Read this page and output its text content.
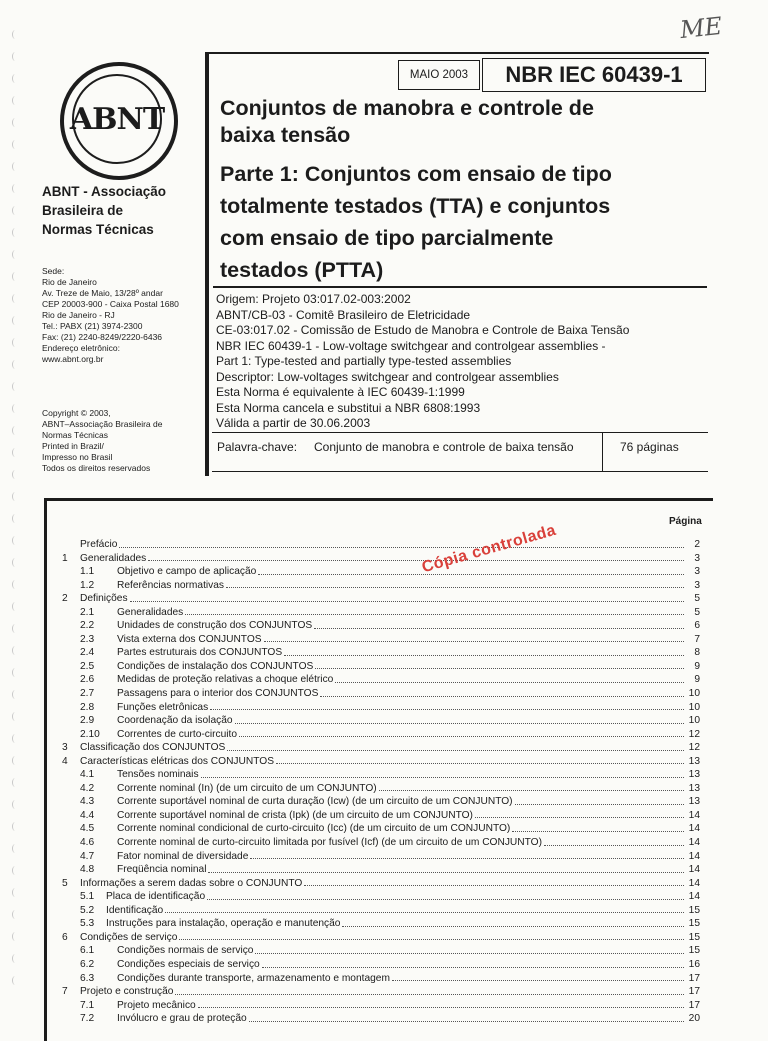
ME
ABNT
ABNT - Associação
Brasileira de
Normas Técnicas
Sede:
Rio de Janeiro
Av. Treze de Maio, 13/28º andar
CEP 20003-900 - Caixa Postal 1680
Rio de Janeiro - RJ
Tel.: PABX (21) 3974-2300
Fax: (21) 2240-8249/2220-6436
Endereço eletrônico:
www.abnt.org.br
Copyright © 2003,
ABNT–Associação Brasileira de
Normas Técnicas
Printed in Brazil/
Impresso no Brasil
Todos os direitos reservados
MAIO 2003	NBR IEC 60439-1
Conjuntos de manobra e controle de
baixa tensão
Parte 1: Conjuntos com ensaio de tipo
totalmente testados (TTA) e conjuntos
com ensaio de tipo parcialmente
testados (PTTA)
Origem: Projeto 03:017.02-003:2002
ABNT/CB-03 - Comitê Brasileiro de Eletricidade
CE-03:017.02 - Comissão de Estudo de Manobra e Controle de Baixa Tensão
NBR IEC 60439-1 - Low-voltage switchgear and controlgear assemblies -
Part 1: Type-tested and partially type-tested assemblies
Descriptor: Low-voltages switchgear and controlgear assemblies
Esta Norma é equivalente à IEC 60439-1:1999
Esta Norma cancela e substitui a NBR 6808:1993
Válida a partir de 30.06.2003
Palavra-chave: Conjunto de manobra e controle de baixa tensão	76 páginas
Página
Prefácio	2
1	Generalidades	3
1.1	Objetivo e campo de aplicação	3
1.2	Referências normativas	3
2	Definições	5
2.1	Generalidades	5
2.2	Unidades de construção dos CONJUNTOS	6
2.3	Vista externa dos CONJUNTOS	7
2.4	Partes estruturais dos CONJUNTOS	8
2.5	Condições de instalação dos CONJUNTOS	9
2.6	Medidas de proteção relativas a choque elétrico	9
2.7	Passagens para o interior dos CONJUNTOS	10
2.8	Funções eletrônicas	10
2.9	Coordenação da isolação	10
2.10	Correntes de curto-circuito	12
3	Classificação dos CONJUNTOS	12
4	Características elétricas dos CONJUNTOS	13
4.1	Tensões nominais	13
4.2	Corrente nominal (In) (de um circuito de um CONJUNTO)	13
4.3	Corrente suportável nominal de curta duração (Icw) (de um circuito de um CONJUNTO)	13
4.4	Corrente suportável nominal de crista (Ipk) (de um circuito de um CONJUNTO)	14
4.5	Corrente nominal condicional de curto-circuito (Icc) (de um circuito de um CONJUNTO)	14
4.6	Corrente nominal de curto-circuito limitada por fusível (Icf) (de um circuito de um CONJUNTO)	14
4.7	Fator nominal de diversidade	14
4.8	Freqüência nominal	14
5	Informações a serem dadas sobre o CONJUNTO	14
5.1	Placa de identificação	14
5.2	Identificação	15
5.3	Instruções para instalação, operação e manutenção	15
6	Condições de serviço	15
6.1	Condições normais de serviço	15
6.2	Condições especiais de serviço	16
6.3	Condições durante transporte, armazenamento e montagem	17
7	Projeto e construção	17
7.1	Projeto mecânico	17
7.2	Invólucro e grau de proteção	20
Cópia controlada
